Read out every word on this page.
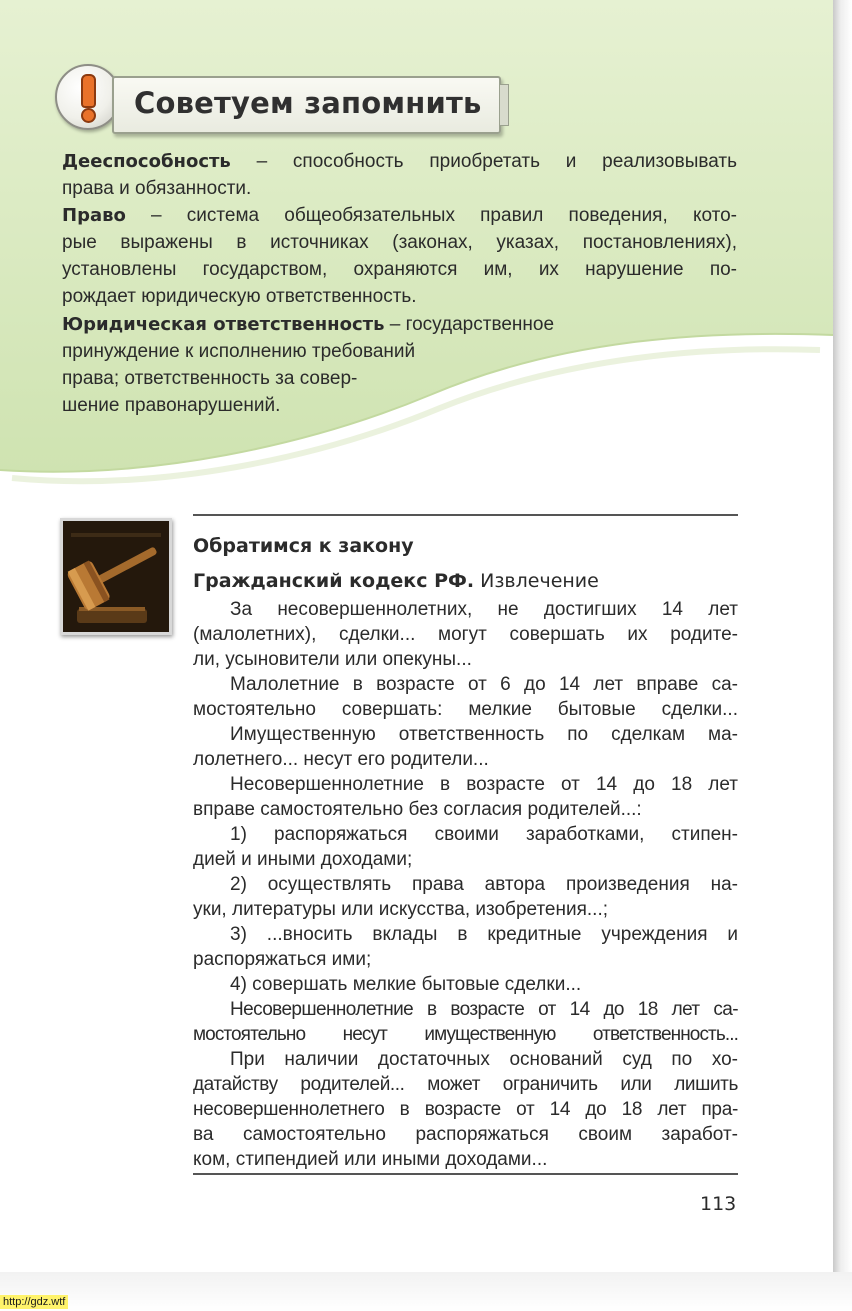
Советуем запомнить
Дееспособность – способность приобретать и реализовывать
права и обязанности.
Право – система общеобязательных правил поведения, кото-
рые выражены в источниках (законах, указах, постановлениях),
установлены государством, охраняются им, их нарушение по-
рождает юридическую ответственность.
Юридическая ответственность – государственное
принуждение к исполнению требований
права; ответственность за совер-
шение правонарушений.
Обратимся к закону
Гражданский кодекс РФ. Извлечение
За несовершеннолетних, не достигших 14 лет
(малолетних), сделки... могут совершать их родите-
ли, усыновители или опекуны...
Малолетние в возрасте от 6 до 14 лет вправе са-
мостоятельно совершать: мелкие бытовые сделки...
Имущественную ответственность по сделкам ма-
лолетнего... несут его родители...
Несовершеннолетние в возрасте от 14 до 18 лет
вправе самостоятельно без согласия родителей...:
1) распоряжаться своими заработками, стипен-
дией и иными доходами;
2) осуществлять права автора произведения на-
уки, литературы или искусства, изобретения...;
3) ...вносить вклады в кредитные учреждения и
распоряжаться ими;
4) совершать мелкие бытовые сделки...
Несовершеннолетние в возрасте от 14 до 18 лет са-
мостоятельно несут имущественную ответственность...
При наличии достаточных оснований суд по хо-
датайству родителей... может ограничить или лишить
несовершеннолетнего в возрасте от 14 до 18 лет пра-
ва самостоятельно распоряжаться своим заработ-
ком, стипендией или иными доходами...
113
http://gdz.wtf
